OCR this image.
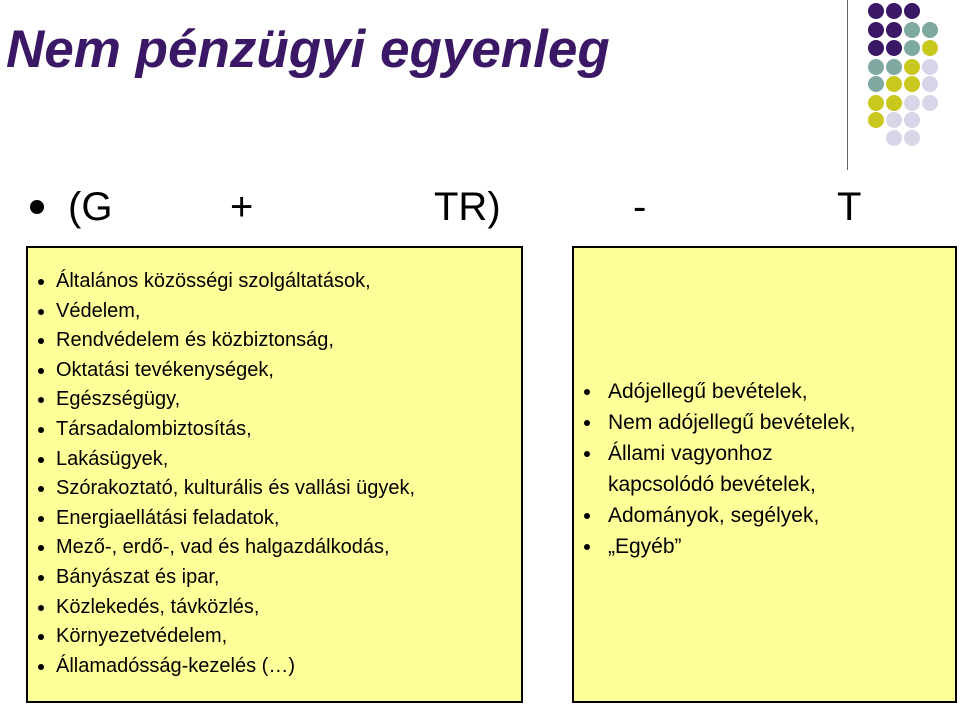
Nem pénzügyi egyenleg
(G	+	TR)	-	T
Általános közösségi szolgáltatások,
Védelem,
Rendvédelem és közbiztonság,
Oktatási tevékenységek,
Egészségügy,
Társadalombiztosítás,
Lakásügyek,
Szórakoztató, kulturális és vallási ügyek,
Energiaellátási feladatok,
Mező-, erdő-, vad és halgazdálkodás,
Bányászat és ipar,
Közlekedés, távközlés,
Környezetvédelem,
Államadósság-kezelés (…)
Adójellegű bevételek,
Nem adójellegű bevételek,
Állami vagyonhoz
kapcsolódó bevételek,
Adományok, segélyek,
„Egyéb”
